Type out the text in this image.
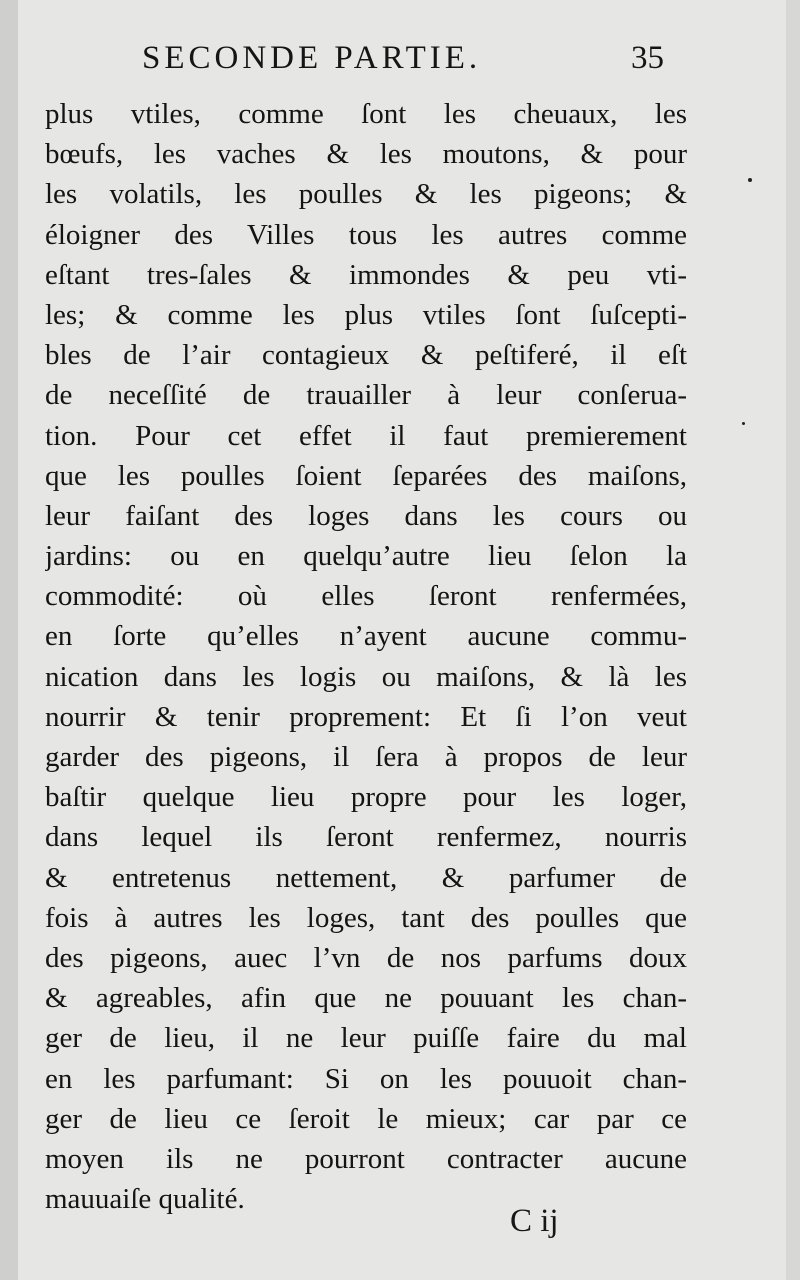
SECONDE PARTIE.	35
plus vtiles, comme ſont les cheuaux, les
bœufs, les vaches & les moutons, & pour
les volatils, les poulles & les pigeons; &
éloigner des Villes tous les autres comme
eſtant tres-ſales & immondes & peu vti-
les; & comme les plus vtiles ſont ſuſcepti-
bles de l’air contagieux & peſtiferé, il eſt
de neceſſité de trauailler à leur conſerua-
tion. Pour cet effet il faut premierement
que les poulles ſoient ſeparées des maiſons,
leur faiſant des loges dans les cours ou
jardins: ou en quelqu’autre lieu ſelon la
commodité: où elles ſeront renfermées,
en ſorte qu’elles n’ayent aucune commu-
nication dans les logis ou maiſons, & là les
nourrir & tenir proprement: Et ſi l’on veut
garder des pigeons, il ſera à propos de leur
baſtir quelque lieu propre pour les loger,
dans lequel ils ſeront renfermez, nourris
& entretenus nettement, & parfumer de
fois à autres les loges, tant des poulles que
des pigeons, auec l’vn de nos parfums doux
& agreables, afin que ne pouuant les chan-
ger de lieu, il ne leur puiſſe faire du mal
en les parfumant: Si on les pouuoit chan-
ger de lieu ce ſeroit le mieux; car par ce
moyen ils ne pourront contracter aucune
mauuaiſe qualité.
C ij
